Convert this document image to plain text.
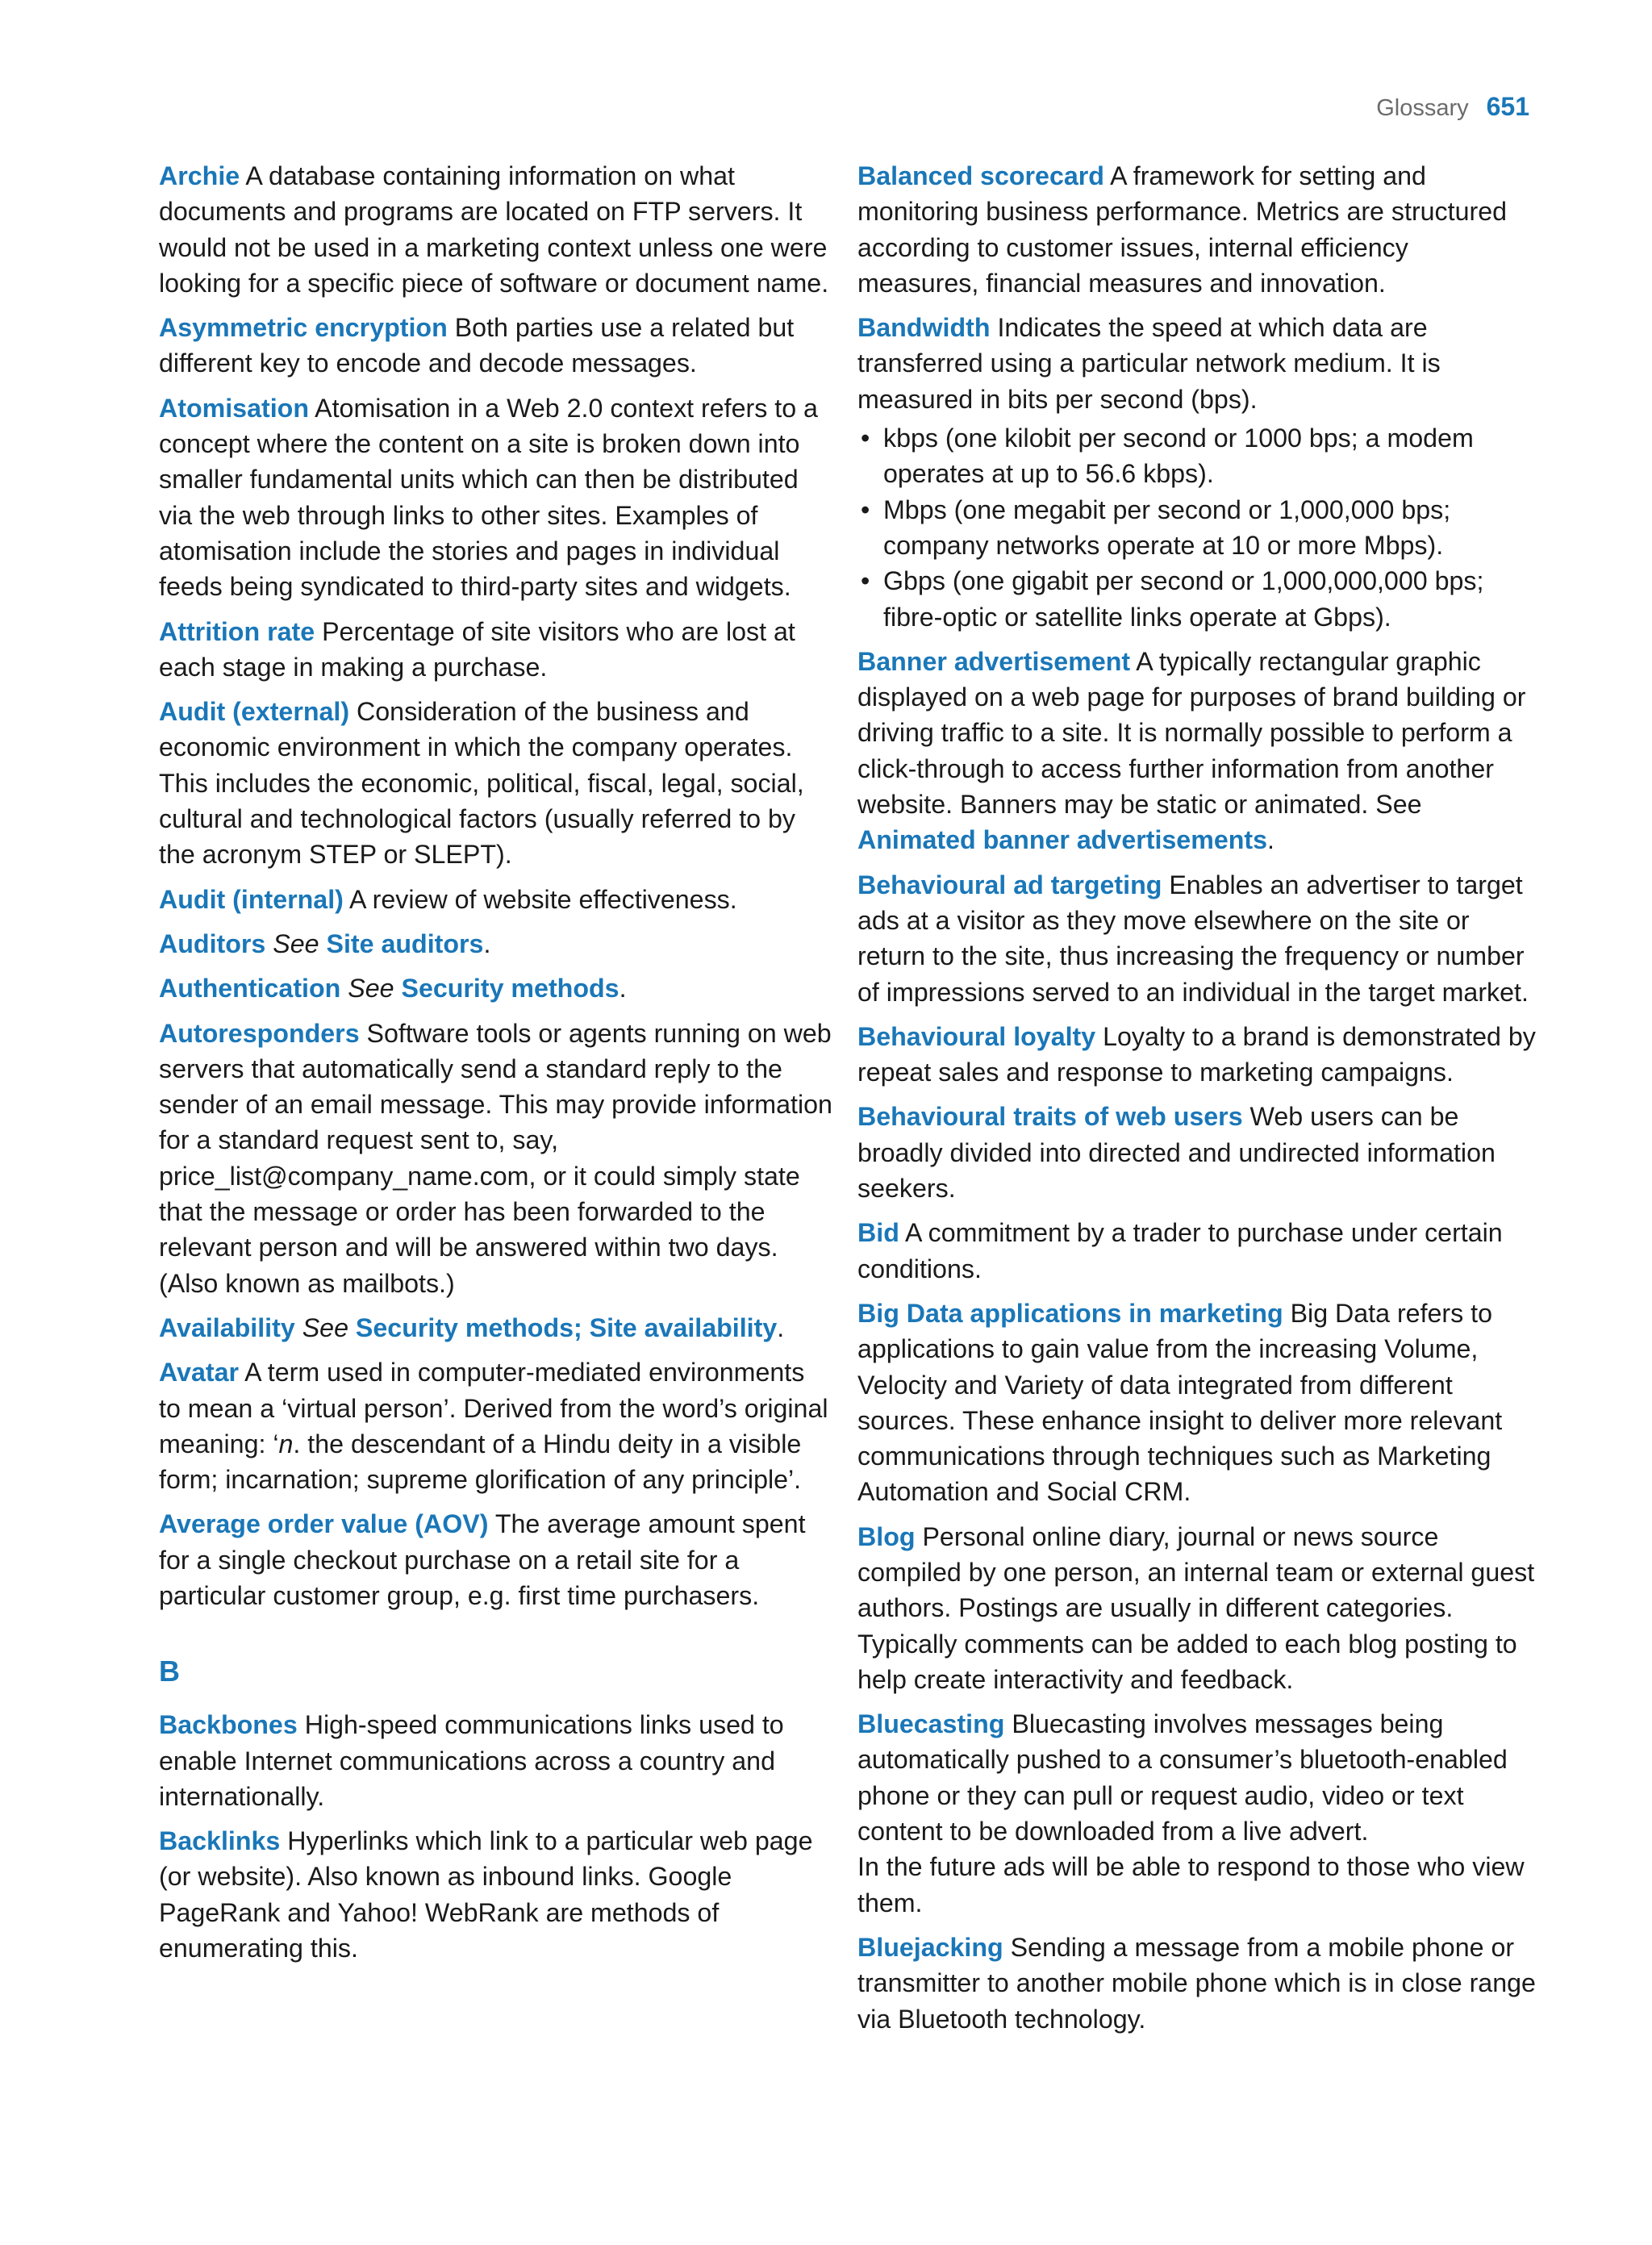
Glossary 651

Archie A database containing information on what documents and programs are located on FTP servers. It would not be used in a marketing context unless one were looking for a specific piece of software or document name.

Asymmetric encryption Both parties use a related but different key to encode and decode messages.

Atomisation Atomisation in a Web 2.0 context refers to a concept where the content on a site is broken down into smaller fundamental units which can then be distributed via the web through links to other sites. Examples of atomisation include the stories and pages in individual feeds being syndicated to third-party sites and widgets.

Attrition rate Percentage of site visitors who are lost at each stage in making a purchase.

Audit (external) Consideration of the business and economic environment in which the company operates. This includes the economic, political, fiscal, legal, social, cultural and technological factors (usually referred to by the acronym STEP or SLEPT).

Audit (internal) A review of website effectiveness.

Auditors See Site auditors.

Authentication See Security methods.

Autoresponders Software tools or agents running on web servers that automatically send a standard reply to the sender of an email message. This may provide information for a standard request sent to, say, price_list@company_name.com, or it could simply state that the message or order has been forwarded to the relevant person and will be answered within two days. (Also known as mailbots.)

Availability See Security methods; Site availability.

Avatar A term used in computer-mediated environments to mean a ‘virtual person’. Derived from the word’s original meaning: ‘n. the descendant of a Hindu deity in a visible form; incarnation; supreme glorification of any principle’.

Average order value (AOV) The average amount spent for a single checkout purchase on a retail site for a particular customer group, e.g. first time purchasers.

B

Backbones High-speed communications links used to enable Internet communications across a country and internationally.

Backlinks Hyperlinks which link to a particular web page (or website). Also known as inbound links. Google PageRank and Yahoo! WebRank are methods of enumerating this.

Balanced scorecard A framework for setting and monitoring business performance. Metrics are structured according to customer issues, internal efficiency measures, financial measures and innovation.

Bandwidth Indicates the speed at which data are transferred using a particular network medium. It is measured in bits per second (bps).

• kbps (one kilobit per second or 1000 bps; a modem operates at up to 56.6 kbps).
• Mbps (one megabit per second or 1,000,000 bps; company networks operate at 10 or more Mbps).
• Gbps (one gigabit per second or 1,000,000,000 bps; fibre-optic or satellite links operate at Gbps).

Banner advertisement A typically rectangular graphic displayed on a web page for purposes of brand building or driving traffic to a site. It is normally possible to perform a click-through to access further information from another website. Banners may be static or animated. See Animated banner advertisements.

Behavioural ad targeting Enables an advertiser to target ads at a visitor as they move elsewhere on the site or return to the site, thus increasing the frequency or number of impressions served to an individual in the target market.

Behavioural loyalty Loyalty to a brand is demonstrated by repeat sales and response to marketing campaigns.

Behavioural traits of web users Web users can be broadly divided into directed and undirected information seekers.

Bid A commitment by a trader to purchase under certain conditions.

Big Data applications in marketing Big Data refers to applications to gain value from the increasing Volume, Velocity and Variety of data integrated from different sources. These enhance insight to deliver more relevant communications through techniques such as Marketing Automation and Social CRM.

Blog Personal online diary, journal or news source compiled by one person, an internal team or external guest authors. Postings are usually in different categories. Typically comments can be added to each blog posting to help create interactivity and feedback.

Bluecasting Bluecasting involves messages being automatically pushed to a consumer’s bluetooth-enabled phone or they can pull or request audio, video or text content to be downloaded from a live advert.
In the future ads will be able to respond to those who view them.

Bluejacking Sending a message from a mobile phone or transmitter to another mobile phone which is in close range via Bluetooth technology.
